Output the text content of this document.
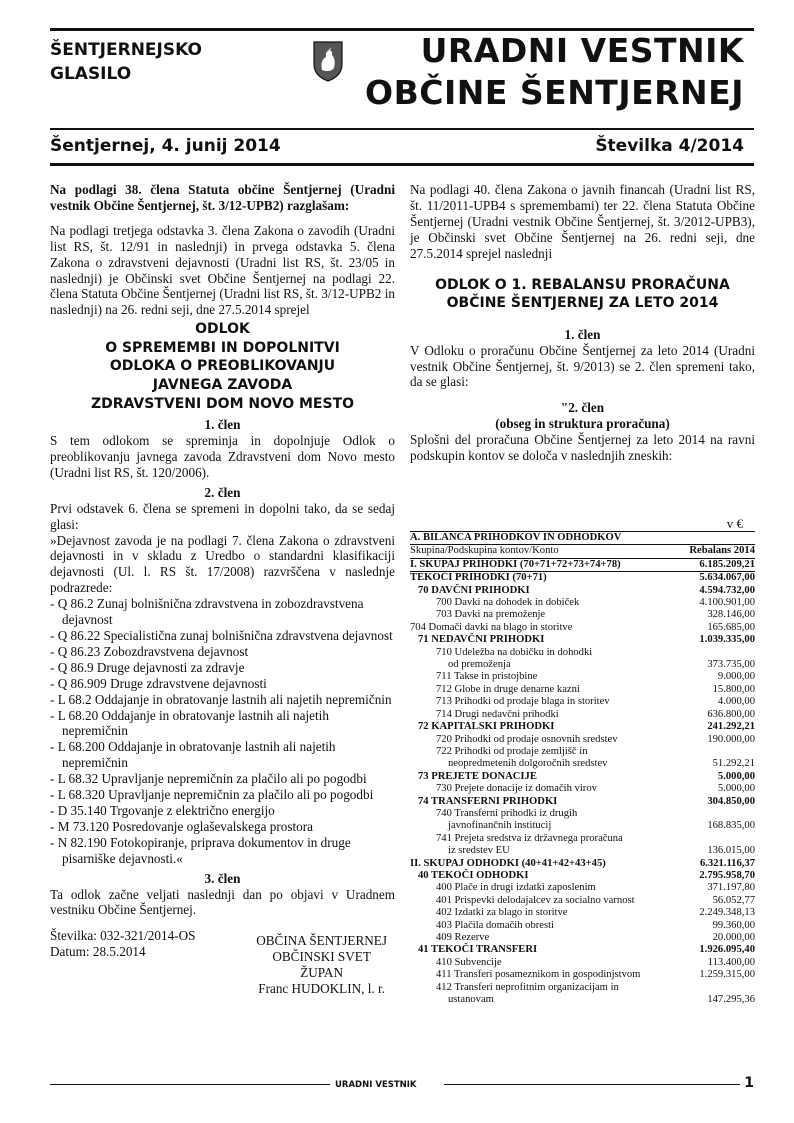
ŠENTJERNEJSKO
GLASILO
URADNI VESTNIK
OBČINE ŠENTJERNEJ
Šentjernej, 4. junij 2014	Številka 4/2014

Na podlagi 38. člena Statuta občine Šentjernej (Uradni vestnik Občine Šentjernej, št. 3/12-UPB2) razglašam:

Na podlagi tretjega odstavka 3. člena Zakona o zavodih (Uradni list RS, št. 12/91 in naslednji) in prvega odstavka 5. člena Zakona o zdravstveni dejavnosti (Uradni list RS, št. 23/05 in naslednji) je Občinski svet Občine Šentjernej na podlagi 22. člena Statuta Občine Šentjernej (Uradni list RS, št. 3/12-UPB2 in naslednji) na 26. redni seji, dne 27.5.2014 sprejel

ODLOK
O SPREMEMBI IN DOPOLNITVI
ODLOKA O PREOBLIKOVANJU
JAVNEGA ZAVODA
ZDRAVSTVENI DOM NOVO MESTO

1. člen

S tem odlokom se spreminja in dopolnjuje Odlok o preoblikovanju javnega zavoda Zdravstveni dom Novo mesto (Uradni list RS, št. 120/2006).

2. člen

Prvi odstavek 6. člena se spremeni in dopolni tako, da se sedaj glasi:

»Dejavnost zavoda je na podlagi 7. člena Zakona o zdravstveni dejavnosti in v skladu z Uredbo o standardni klasifikaciji dejavnosti (Ul. l. RS št. 17/2008) razvrščena v naslednje podrazrede:

- Q 86.2 Zunaj bolnišnična zdravstvena in zobozdravstvena dejavnost

- Q 86.22 Specialistična zunaj bolnišnična zdravstvena dejavnost

- Q 86.23 Zobozdravstvena dejavnost

- Q 86.9 Druge dejavnosti za zdravje

- Q 86.909 Druge zdravstvene dejavnosti

- L 68.2 Oddajanje in obratovanje lastnih ali najetih nepremičnin

- L 68.20 Oddajanje in obratovanje lastnih ali najetih nepremičnin

- L 68.200 Oddajanje in obratovanje lastnih ali najetih nepremičnin

- L 68.32 Upravljanje nepremičnin za plačilo ali po pogodbi

- L 68.320 Upravljanje nepremičnin za plačilo ali po pogodbi

- D 35.140 Trgovanje z električno energijo

- M 73.120 Posredovanje oglaševalskega prostora

- N 82.190 Fotokopiranje, priprava dokumentov in druge pisarniške dejavnosti.«

3. člen

Ta odlok začne veljati naslednji dan po objavi v Uradnem vestniku Občine Šentjernej.

Številka: 032-321/2014-OS

Datum: 28.5.2014

OBČINA ŠENTJERNEJ

OBČINSKI SVET

ŽUPAN

Franc HUDOKLIN, l. r.

Na podlagi 40. člena Zakona o javnih financah (Uradni list RS, št. 11/2011-UPB4 s spremembami) ter 22. člena Statuta Občine Šentjernej (Uradni vestnik Občine Šentjernej, št. 3/2012-UPB3), je Občinski svet Občine Šentjernej na 26. redni seji, dne 27.5.2014 sprejel naslednji

ODLOK O 1. REBALANSU PRORAČUNA
OBČINE ŠENTJERNEJ ZA LETO 2014

1. člen

V Odloku o proračunu Občine Šentjernej za leto 2014 (Uradni vestnik Občine Šentjernej, št. 9/2013) se 2. člen spremeni tako, da se glasi:

"2. člen

(obseg in struktura proračuna)

Splošni del proračuna Občine Šentjernej za leto 2014 na ravni podskupin kontov se določa v naslednjih zneskih:

v €
A. BILANCA PRIHODKOV IN ODHODKOV
Skupina/Podskupina kontov/Konto	Rebalans 2014
I. SKUPAJ PRIHODKI (70+71+72+73+74+78)	6.185.209,21
TEKOČI PRIHODKI (70+71)	5.634.067,00
70 DAVČNI PRIHODKI	4.594.732,00
700 Davki na dohodek in dobiček	4.100.901,00
703 Davki na premoženje	328.146,00
704 Domači davki na blago in storitve	165.685,00
71 NEDAVČNI PRIHODKI	1.039.335,00
710 Udeležba na dobičku in dohodki
od premoženja	373.735,00
711 Takse in pristojbine	9.000,00
712 Globe in druge denarne kazni	15.800,00
713 Prihodki od prodaje blaga in storitev	4.000,00
714 Drugi nedavčni prihodki	636.800,00
72 KAPITALSKI PRIHODKI	241.292,21
720 Prihodki od prodaje osnovnih sredstev	190.000,00
722 Prihodki od prodaje zemljišč in
neopredmetenih dolgoročnih sredstev	51.292,21
73 PREJETE DONACIJE	5.000,00
730 Prejete donacije iz domačih virov	5.000,00
74 TRANSFERNI PRIHODKI	304.850,00
740 Transferni prihodki iz drugih
javnofinančnih institucij	168.835,00
741 Prejeta sredstva iz državnega proračuna
iz sredstev EU	136.015,00
II. SKUPAJ ODHODKI (40+41+42+43+45)	6.321.116,37
40 TEKOČI ODHODKI	2.795.958,70
400 Plače in drugi izdatki zaposlenim	371.197,80
401 Prispevki delodajalcev za socialno varnost	56.052,77
402 Izdatki za blago in storitve	2.249.348,13
403 Plačila domačih obresti	99.360,00
409 Rezerve	20.000,00
41 TEKOČI TRANSFERI	1.926.095,40
410 Subvencije	113.400,00
411 Transferi posameznikom in gospodinjstvom	1.259.315,00
412 Transferi neprofitnim organizacijam in
ustanovam	147.295,36
URADNI VESTNIK	1
